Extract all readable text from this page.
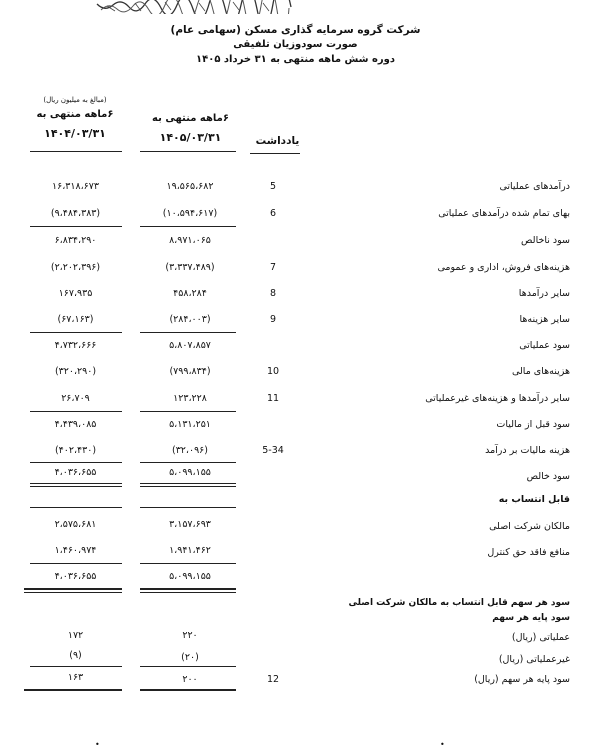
شرکت گروه سرمایه گذاری مسکن (سهامی عام)
صورت سودوزیان تلفیقی
دوره شش ماهه منتهی به ۳۱ خرداد ۱۴۰۵
(مبالغ به میلیون ریال)
۶ماهه منتهی به
۱۴۰۴/۰۳/۳۱
۶ماهه منتهی به
۱۴۰۵/۰۳/۳۱	یادداشت
۱۶،۳۱۸،۶۷۳	۱۹،۵۶۵،۶۸۲	5	درآمدهای عملیاتی
(۹،۴۸۴،۳۸۳)	(۱۰،۵۹۴،۶۱۷)	6	بهای تمام شده درآمدهای عملیاتی
۶،۸۳۴،۲۹۰	۸،۹۷۱،۰۶۵	سود ناخالص
(۲،۲۰۲،۳۹۶)	(۳،۳۳۷،۴۸۹)	7	هزینه‌های فروش، اداری و عمومی
۱۶۷،۹۳۵	۴۵۸،۲۸۴	8	سایر درآمدها
(۶۷،۱۶۳)	(۲۸۴،۰۰۳)	9	سایر هزینه‌ها
۴،۷۳۲،۶۶۶	۵،۸۰۷،۸۵۷	سود عملیاتی
(۳۲۰،۲۹۰)	(۷۹۹،۸۳۴)	10	هزینه‌های مالی
۲۶،۷۰۹	۱۲۳،۲۲۸	11	سایر درآمدها و هزینه‌های غیرعملیاتی
۴،۴۳۹،۰۸۵	۵،۱۳۱،۲۵۱	سود قبل از مالیات
(۴۰۲،۴۳۰)	(۳۲،۰۹۶)	5-34	هزینه مالیات بر درآمد
۴،۰۳۶،۶۵۵	۵،۰۹۹،۱۵۵	سود خالص
قابل انتساب به
۲،۵۷۵،۶۸۱	۳،۱۵۷،۶۹۳	مالکان شرکت اصلی
۱،۴۶۰،۹۷۴	۱،۹۴۱،۴۶۲	منافع فاقد حق کنترل
۴،۰۳۶،۶۵۵	۵،۰۹۹،۱۵۵
سود هر سهم قابل انتساب به مالکان شرکت اصلی
سود پایه هر سهم
۱۷۲	۲۲۰	عملیاتی (ریال)
(۹)	(۲۰)	غیرعملیاتی (ریال)
۱۶۳	۲۰۰	12	سود پایه هر سهم (ریال)
•	•
